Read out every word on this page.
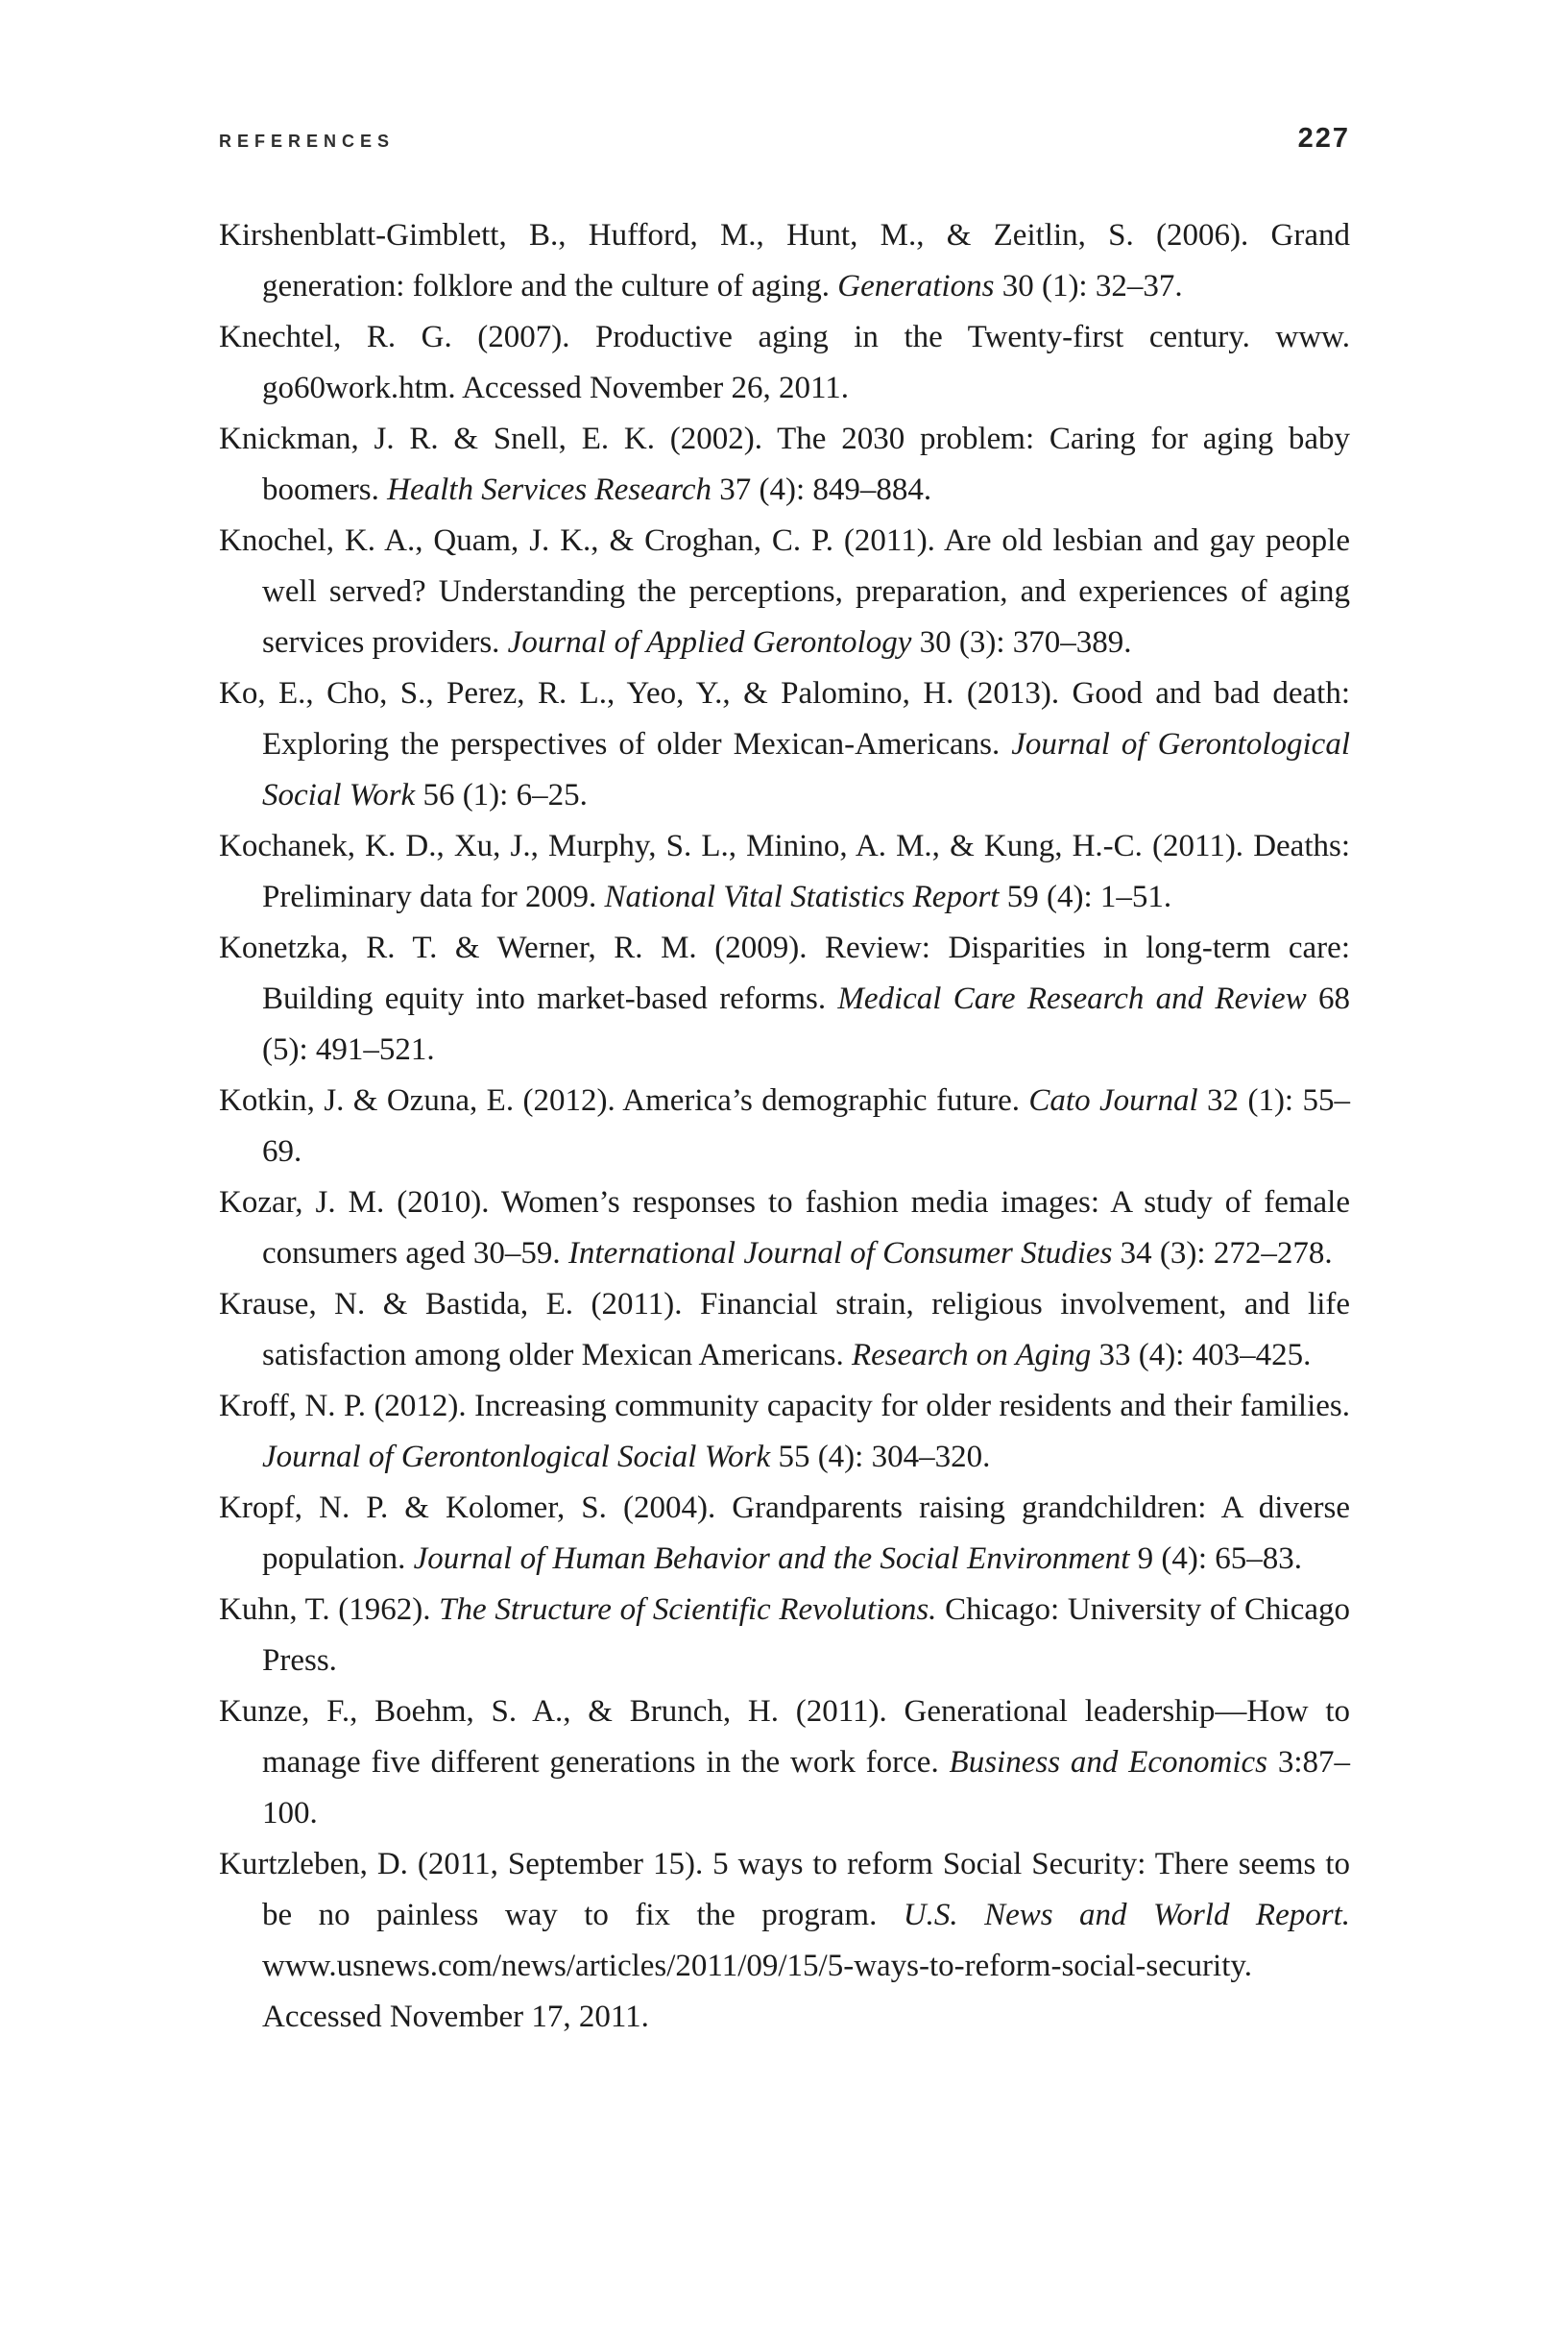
REFERENCES	227

Kirshenblatt-Gimblett, B., Hufford, M., Hunt, M., & Zeitlin, S. (2006). Grand generation: folklore and the culture of aging. Generations 30 (1): 32–37.

Knechtel, R. G. (2007). Productive aging in the Twenty-first century. www. go60work.htm. Accessed November 26, 2011.

Knickman, J. R. & Snell, E. K. (2002). The 2030 problem: Caring for aging baby boomers. Health Services Research 37 (4): 849–884.

Knochel, K. A., Quam, J. K., & Croghan, C. P. (2011). Are old lesbian and gay people well served? Understanding the perceptions, preparation, and experiences of aging services providers. Journal of Applied Gerontology 30 (3): 370–389.

Ko, E., Cho, S., Perez, R. L., Yeo, Y., & Palomino, H. (2013). Good and bad death: Exploring the perspectives of older Mexican-Americans. Journal of Gerontological Social Work 56 (1): 6–25.

Kochanek, K. D., Xu, J., Murphy, S. L., Minino, A. M., & Kung, H.-C. (2011). Deaths: Preliminary data for 2009. National Vital Statistics Report 59 (4): 1–51.

Konetzka, R. T. & Werner, R. M. (2009). Review: Disparities in long-term care: Building equity into market-based reforms. Medical Care Research and Review 68 (5): 491–521.

Kotkin, J. & Ozuna, E. (2012). America’s demographic future. Cato Journal 32 (1): 55–69.

Kozar, J. M. (2010). Women’s responses to fashion media images: A study of female consumers aged 30–59. International Journal of Consumer Studies 34 (3): 272–278.

Krause, N. & Bastida, E. (2011). Financial strain, religious involvement, and life satisfaction among older Mexican Americans. Research on Aging 33 (4): 403–425.

Kroff, N. P. (2012). Increasing community capacity for older residents and their families. Journal of Gerontonlogical Social Work 55 (4): 304–320.

Kropf, N. P. & Kolomer, S. (2004). Grandparents raising grandchildren: A diverse population. Journal of Human Behavior and the Social Environment 9 (4): 65–83.

Kuhn, T. (1962). The Structure of Scientific Revolutions. Chicago: University of Chicago Press.

Kunze, F., Boehm, S. A., & Brunch, H. (2011). Generational leadership—How to manage five different generations in the work force. Business and Economics 3:87–100.

Kurtzleben, D. (2011, September 15). 5 ways to reform Social Security: There seems to be no painless way to fix the program. U.S. News and World Report. www.usnews.com/news/articles/2011/09/15/5-ways-to-reform-social-security. Accessed November 17, 2011.
